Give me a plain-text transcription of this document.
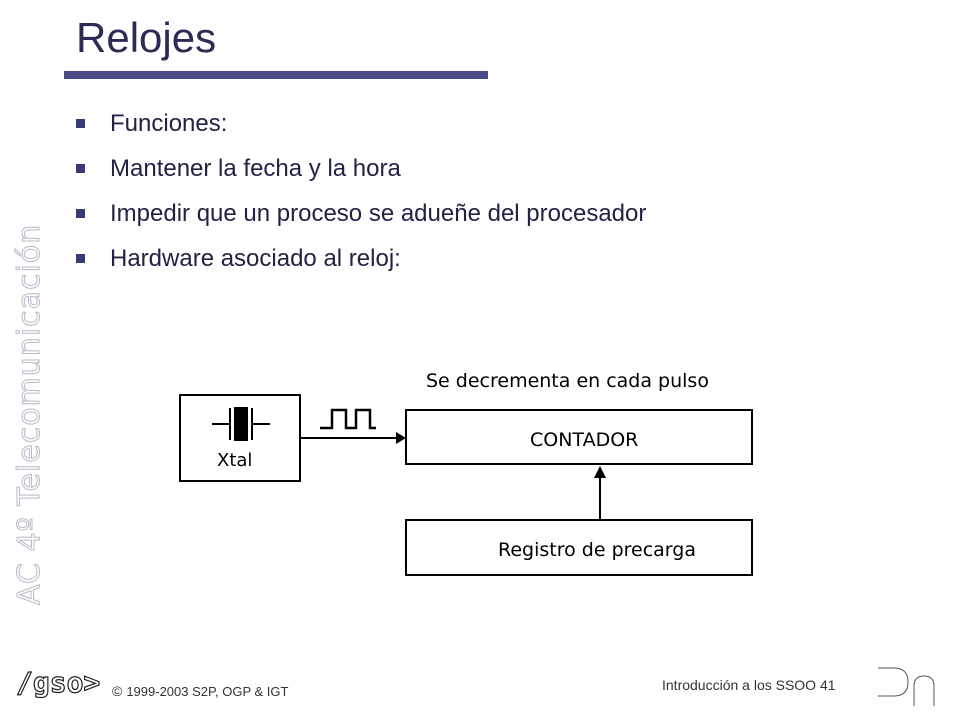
Relojes
AC 4º Telecomunicación
Funciones:
Mantener la fecha y la hora
Impedir que un proceso se adueñe del procesador
Hardware asociado al reloj:
Xtal
Se decrementa en cada pulso
CONTADOR
Registro de precarga
/gso> © 1999-2003 S2P, OGP & IGT	Introducción a los SSOO 41
